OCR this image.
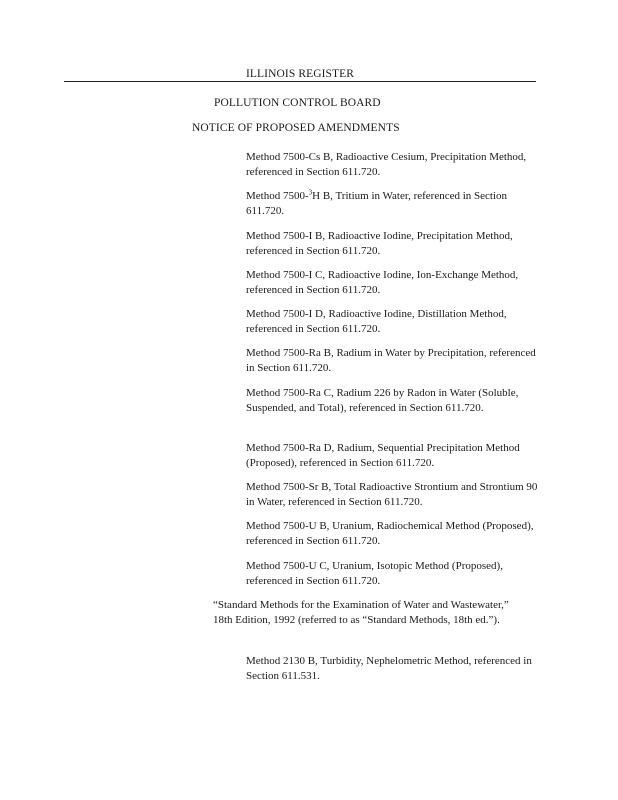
ILLINOIS REGISTER
POLLUTION CONTROL BOARD
NOTICE OF PROPOSED AMENDMENTS
Method 7500-Cs B, Radioactive Cesium, Precipitation Method, referenced in Section 611.720.
Method 7500-$^3$H B, Tritium in Water, referenced in Section 611.720.
Method 7500-I B, Radioactive Iodine, Precipitation Method, referenced in Section 611.720.
Method 7500-I C, Radioactive Iodine, Ion-Exchange Method, referenced in Section 611.720.
Method 7500-I D, Radioactive Iodine, Distillation Method, referenced in Section 611.720.
Method 7500-Ra B, Radium in Water by Precipitation, referenced in Section 611.720.
Method 7500-Ra C, Radium 226 by Radon in Water (Soluble, Suspended, and Total), referenced in Section 611.720.
Method 7500-Ra D, Radium, Sequential Precipitation Method (Proposed), referenced in Section 611.720.
Method 7500-Sr B, Total Radioactive Strontium and Strontium 90 in Water, referenced in Section 611.720.
Method 7500-U B, Uranium, Radiochemical Method (Proposed), referenced in Section 611.720.
Method 7500-U C, Uranium, Isotopic Method (Proposed), referenced in Section 611.720.
“Standard Methods for the Examination of Water and Wastewater,” 18th Edition, 1992 (referred to as “Standard Methods, 18th ed.”).
Method 2130 B, Turbidity, Nephelometric Method, referenced in Section 611.531.
